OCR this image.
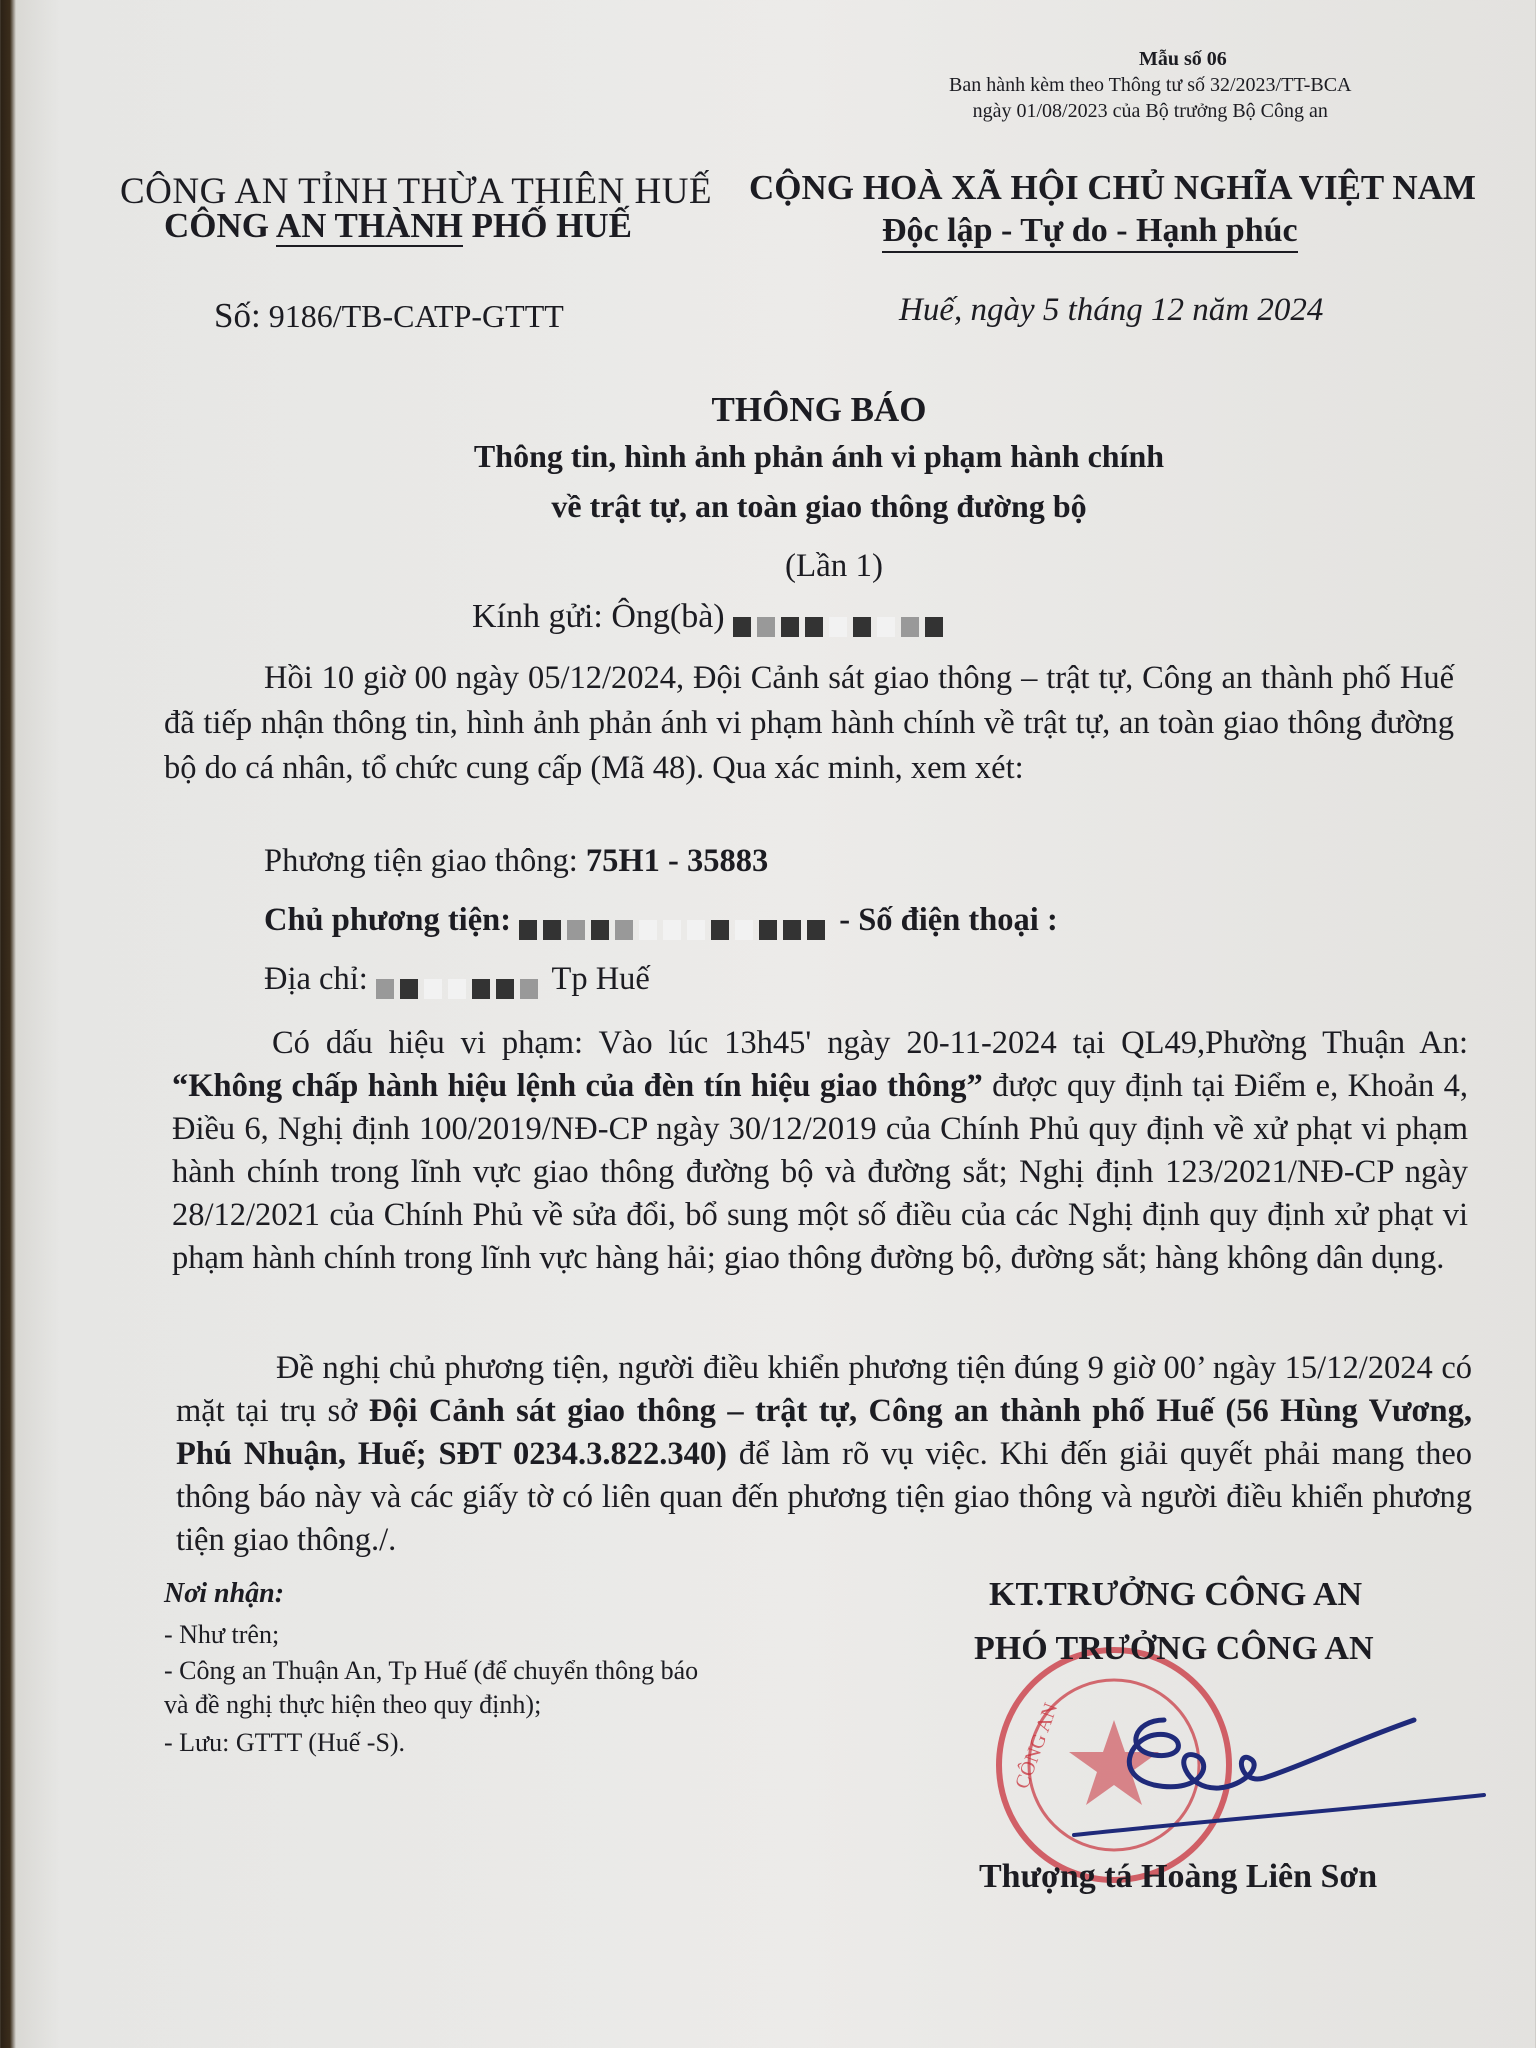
Mẫu số 06
Ban hành kèm theo Thông tư số 32/2023/TT-BCA
ngày 01/08/2023 của Bộ trưởng Bộ Công an
CÔNG AN TỈNH THỪA THIÊN HUẾ
CÔNG AN THÀNH PHỐ HUẾ
CỘNG HOÀ XÃ HỘI CHỦ NGHĨA VIỆT NAM
Độc lập - Tự do - Hạnh phúc
Số: 9186/TB-CATP-GTTT	Huế, ngày 5 tháng 12 năm 2024
THÔNG BÁO
Thông tin, hình ảnh phản ánh vi phạm hành chính
về trật tự, an toàn giao thông đường bộ
(Lần 1)
Kính gửi: Ông(bà)
Hồi 10 giờ 00 ngày 05/12/2024, Đội Cảnh sát giao thông – trật tự, Công an thành phố Huế đã tiếp nhận thông tin, hình ảnh phản ánh vi phạm hành chính về trật tự, an toàn giao thông đường bộ do cá nhân, tổ chức cung cấp (Mã 48). Qua xác minh, xem xét:
Phương tiện giao thông: 75H1 - 35883
Chủ phương tiện:	- Số điện thoại :
Địa chỉ:	Tp Huế
Có dấu hiệu vi phạm: Vào lúc 13h45' ngày 20-11-2024 tại QL49,Phường Thuận An: “Không chấp hành hiệu lệnh của đèn tín hiệu giao thông” được quy định tại Điểm e, Khoản 4, Điều 6, Nghị định 100/2019/NĐ-CP ngày 30/12/2019 của Chính Phủ quy định về xử phạt vi phạm hành chính trong lĩnh vực giao thông đường bộ và đường sắt; Nghị định 123/2021/NĐ-CP ngày 28/12/2021 của Chính Phủ về sửa đổi, bổ sung một số điều của các Nghị định quy định xử phạt vi phạm hành chính trong lĩnh vực hàng hải; giao thông đường bộ, đường sắt; hàng không dân dụng.
Đề nghị chủ phương tiện, người điều khiển phương tiện đúng 9 giờ 00’ ngày 15/12/2024 có mặt tại trụ sở Đội Cảnh sát giao thông – trật tự, Công an thành phố Huế (56 Hùng Vương, Phú Nhuận, Huế; SĐT 0234.3.822.340) để làm rõ vụ việc. Khi đến giải quyết phải mang theo thông báo này và các giấy tờ có liên quan đến phương tiện giao thông và người điều khiển phương tiện giao thông./.
Nơi nhận:
- Như trên;
- Công an Thuận An, Tp Huế (để chuyển thông báo
và đề nghị thực hiện theo quy định);
- Lưu: GTTT (Huế -S).	CÔNG AN
KT.TRƯỞNG CÔNG AN
PHÓ TRƯỞNG CÔNG AN
Thượng tá Hoàng Liên Sơn
